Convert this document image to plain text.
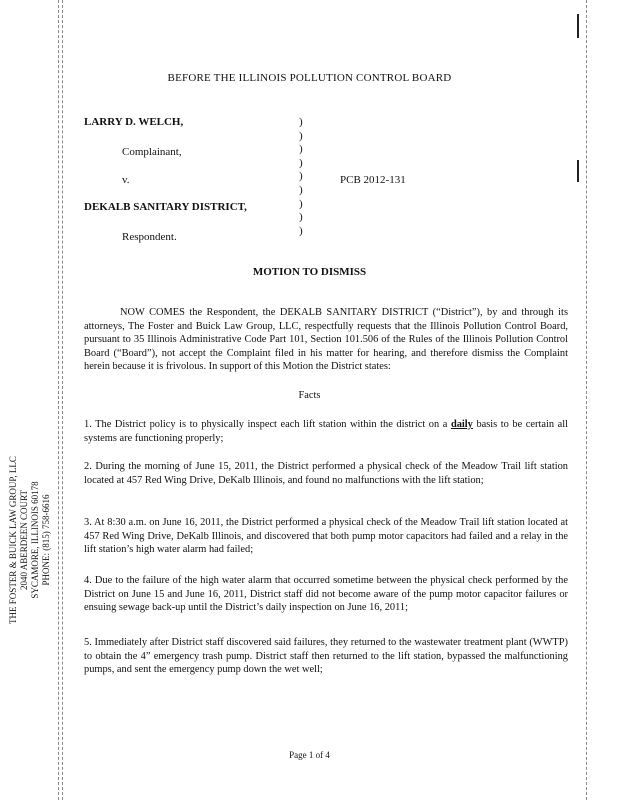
BEFORE THE ILLINOIS POLLUTION CONTROL BOARD
LARRY D. WELCH,
Complainant,
v.	PCB 2012-131
DEKALB SANITARY DISTRICT,
Respondent.
)
)
)
)
)
)
)
)
)
MOTION TO DISMISS
NOW COMES the Respondent, the DEKALB SANITARY DISTRICT (“District”), by and through its attorneys, The Foster and Buick Law Group, LLC, respectfully requests that the Illinois Pollution Control Board, pursuant to 35 Illinois Administrative Code Part 101, Section 101.506 of the Rules of the Illinois Pollution Control Board (“Board”), not accept the Complaint filed in his matter for hearing, and therefore dismiss the Complaint herein because it is frivolous. In support of this Motion the District states:
Facts
1. The District policy is to physically inspect each lift station within the district on a daily basis to be certain all systems are functioning properly;
2. During the morning of June 15, 2011, the District performed a physical check of the Meadow Trail lift station located at 457 Red Wing Drive, DeKalb Illinois, and found no malfunctions with the lift station;
3. At 8:30 a.m. on June 16, 2011, the District performed a physical check of the Meadow Trail lift station located at 457 Red Wing Drive, DeKalb Illinois, and discovered that both pump motor capacitors had failed and a relay in the lift station’s high water alarm had failed;
4. Due to the failure of the high water alarm that occurred sometime between the physical check performed by the District on June 15 and June 16, 2011, District staff did not become aware of the pump motor capacitor failures or ensuing sewage back-up until the District’s daily inspection on June 16, 2011;
5. Immediately after District staff discovered said failures, they returned to the wastewater treatment plant (WWTP) to obtain the 4” emergency trash pump. District staff then returned to the lift station, bypassed the malfunctioning pumps, and sent the emergency pump down the wet well;
THE FOSTER & BUICK LAW GROUP, LLC 2040 ABERDEEN COURT SYCAMORE, ILLINOIS 60178 PHONE: (815) 758-6616
Page 1 of 4
